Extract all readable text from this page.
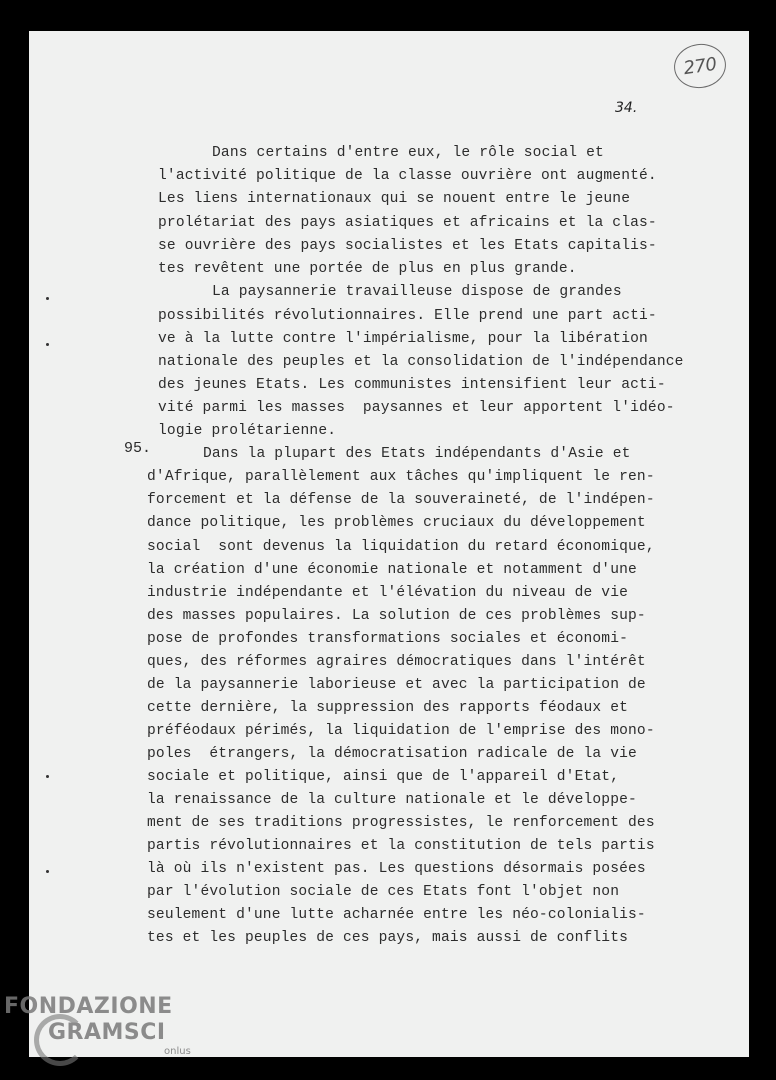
270
34.
95.
Dans certains d'entre eux, le rôle social et
l'activité politique de la classe ouvrière ont augmenté.
Les liens internationaux qui se nouent entre le jeune
prolétariat des pays asiatiques et africains et la clas-
se ouvrière des pays socialistes et les Etats capitalis-
tes revêtent une portée de plus en plus grande.
La paysannerie travailleuse dispose de grandes
possibilités révolutionnaires. Elle prend une part acti-
ve à la lutte contre l'impérialisme, pour la libération
nationale des peuples et la consolidation de l'indépendance
des jeunes Etats. Les communistes intensifient leur acti-
vité parmi les masses  paysannes et leur apportent l'idéo-
logie prolétarienne.
Dans la plupart des Etats indépendants d'Asie et
d'Afrique, parallèlement aux tâches qu'impliquent le ren-
forcement et la défense de la souveraineté, de l'indépen-
dance politique, les problèmes cruciaux du développement
social  sont devenus la liquidation du retard économique,
la création d'une économie nationale et notamment d'une
industrie indépendante et l'élévation du niveau de vie
des masses populaires. La solution de ces problèmes sup-
pose de profondes transformations sociales et économi-
ques, des réformes agraires démocratiques dans l'intérêt
de la paysannerie laborieuse et avec la participation de
cette dernière, la suppression des rapports féodaux et
préféodaux périmés, la liquidation de l'emprise des mono-
poles  étrangers, la démocratisation radicale de la vie
sociale et politique, ainsi que de l'appareil d'Etat,
la renaissance de la culture nationale et le développe-
ment de ses traditions progressistes, le renforcement des
partis révolutionnaires et la constitution de tels partis
là où ils n'existent pas. Les questions désormais posées
par l'évolution sociale de ces Etats font l'objet non
seulement d'une lutte acharnée entre les néo-colonialis-
tes et les peuples de ces pays, mais aussi de conflits
FONDAZIONE
GRAMSCI
onlus
